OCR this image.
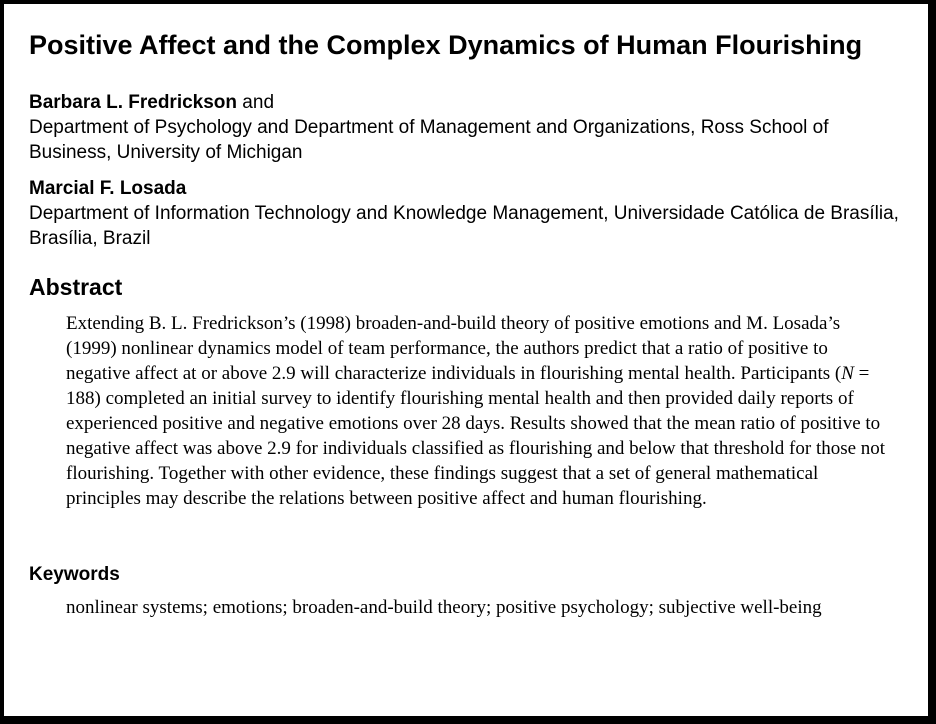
Positive Affect and the Complex Dynamics of Human Flourishing
Barbara L. Fredrickson and
Department of Psychology and Department of Management and Organizations, Ross School of Business, University of Michigan
Marcial F. Losada
Department of Information Technology and Knowledge Management, Universidade Católica de Brasília, Brasília, Brazil
Abstract

Extending B. L. Fredrickson’s (1998) broaden-and-build theory of positive emotions and M. Losada’s (1999) nonlinear dynamics model of team performance, the authors predict that a ratio of positive to negative affect at or above 2.9 will characterize individuals in flourishing mental health. Participants (N = 188) completed an initial survey to identify flourishing mental health and then provided daily reports of experienced positive and negative emotions over 28 days. Results showed that the mean ratio of positive to negative affect was above 2.9 for individuals classified as flourishing and below that threshold for those not flourishing. Together with other evidence, these findings suggest that a set of general mathematical principles may describe the relations between positive affect and human flourishing.

Keywords

nonlinear systems; emotions; broaden-and-build theory; positive psychology; subjective well-being
